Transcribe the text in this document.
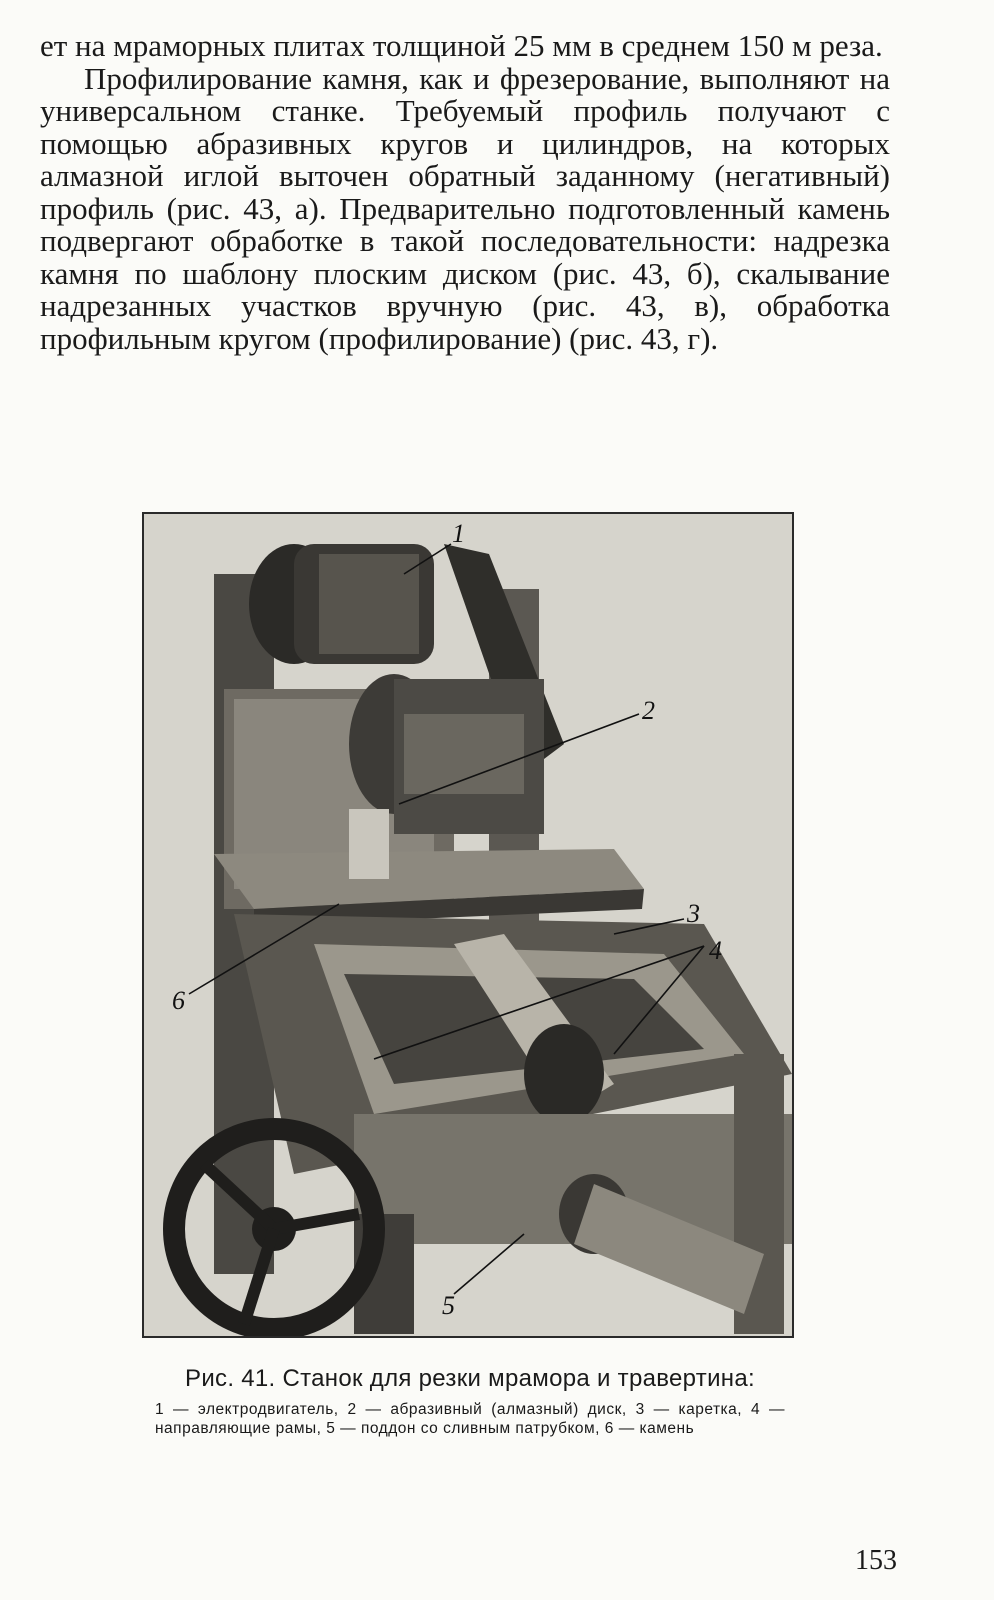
ет на мраморных плитах толщиной 25 мм в среднем 150 м реза.

Профилирование камня, как и фрезерование, выполняют на универсальном станке. Требуемый профиль получают с помощью абразивных кругов и цилиндров, на которых алмазной иглой выточен обратный заданному (негативный) профиль (рис. 43, а). Предварительно подготовленный камень подвергают обработке в такой последовательности: надрезка камня по шаблону плоским диском (рис. 43, б), скалывание надрезанных участков вручную (рис. 43, в), обработка профильным кругом (профилирование) (рис. 43, г).

1
2
3
4
5
6
Рис. 41. Станок для резки мрамора и травертина:
1 — электродвигатель, 2 — абразивный (алмазный) диск, 3 — каретка, 4 — направляющие рамы, 5 — поддон со сливным патрубком, 6 — камень
153
